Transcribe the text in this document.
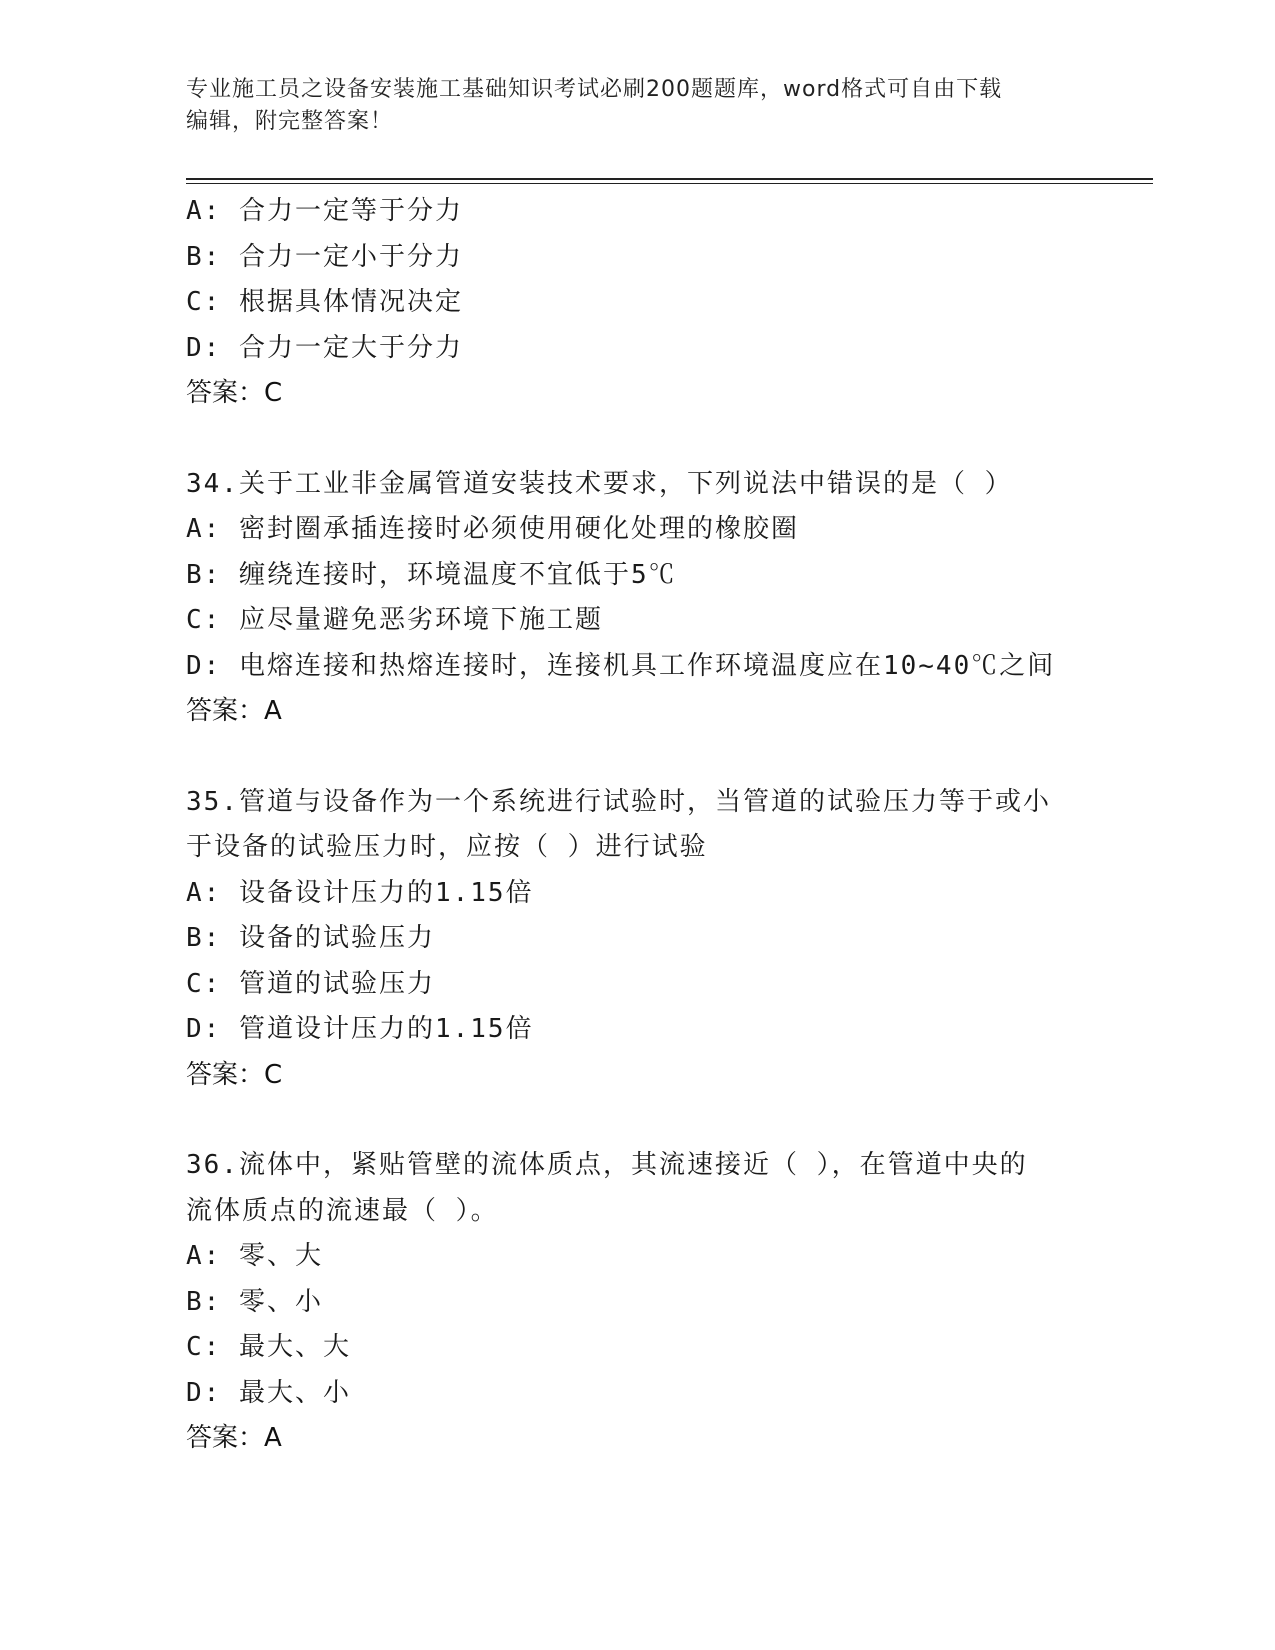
专业施工员之设备安装施工基础知识考试必刷200题题库，word格式可自由下载
编辑，附完整答案！
A: 合力一定等于分力
B: 合力一定小于分力
C: 根据具体情况决定
D: 合力一定大于分力
答案：C
34.关于工业非金属管道安装技术要求，下列说法中错误的是（ ）
A: 密封圈承插连接时必须使用硬化处理的橡胶圈
B: 缠绕连接时，环境温度不宜低于5℃
C: 应尽量避免恶劣环境下施工题
D: 电熔连接和热熔连接时，连接机具工作环境温度应在10~40℃之间
答案：A
35.管道与设备作为一个系统进行试验时，当管道的试验压力等于或小
于设备的试验压力时，应按（ ）进行试验
A: 设备设计压力的1.15倍
B: 设备的试验压力
C: 管道的试验压力
D: 管道设计压力的1.15倍
答案：C
36.流体中，紧贴管壁的流体质点，其流速接近（ ），在管道中央的
流体质点的流速最（ ）。
A: 零、大
B: 零、小
C: 最大、大
D: 最大、小
答案：A
